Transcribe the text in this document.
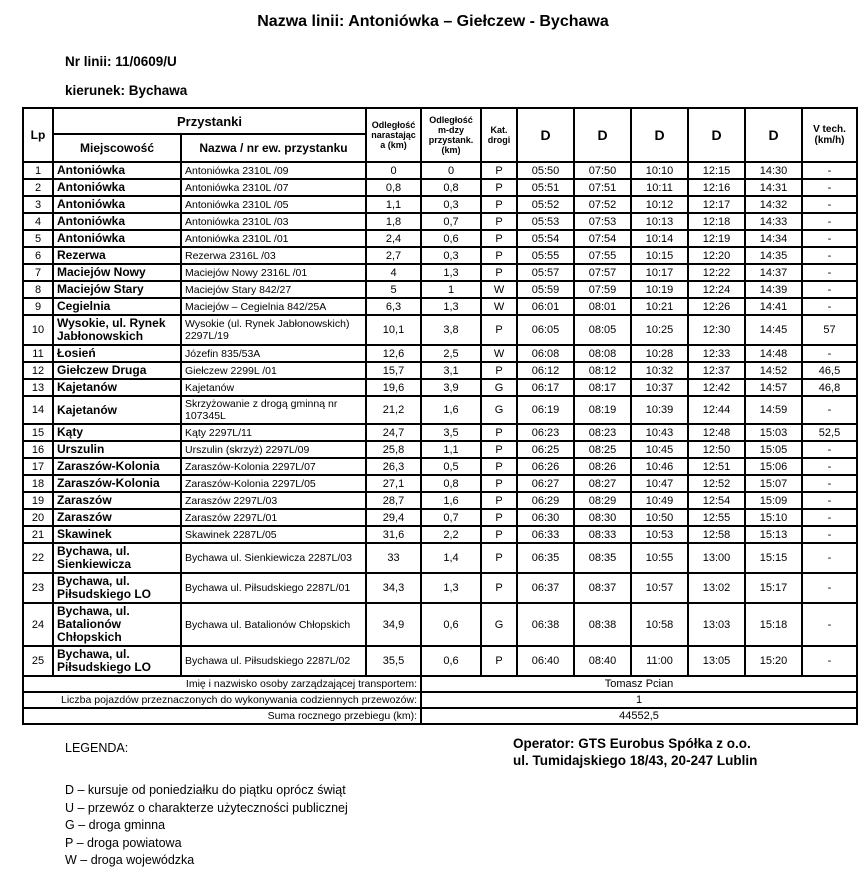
Nazwa linii: Antoniówka – Giełczew - Bychawa
Nr linii: 11/0609/U
kierunek: Bychawa
Lp	Przystanki		Odległość narastająca (km)	Odległość m-dzy przystank. (km)	Kat. drogi	D	D	D	D	D	V tech. (km/h)
	Miejscowość	Nazwa / nr ew. przystanku									
1	Antoniówka	Antoniówka 2310L /09	0	0	P	05:50	07:50	10:10	12:15	14:30	-
2	Antoniówka	Antoniówka 2310L /07	0,8	0,8	P	05:51	07:51	10:11	12:16	14:31	-
3	Antoniówka	Antoniówka 2310L /05	1,1	0,3	P	05:52	07:52	10:12	12:17	14:32	-
4	Antoniówka	Antoniówka 2310L /03	1,8	0,7	P	05:53	07:53	10:13	12:18	14:33	-
5	Antoniówka	Antoniówka 2310L /01	2,4	0,6	P	05:54	07:54	10:14	12:19	14:34	-
6	Rezerwa	Rezerwa 2316L /03	2,7	0,3	P	05:55	07:55	10:15	12:20	14:35	-
7	Maciejów Nowy	Maciejów Nowy 2316L /01	4	1,3	P	05:57	07:57	10:17	12:22	14:37	-
8	Maciejów Stary	Maciejów Stary 842/27	5	1	W	05:59	07:59	10:19	12:24	14:39	-
9	Cegielnia	Maciejów – Cegielnia 842/25A	6,3	1,3	W	06:01	08:01	10:21	12:26	14:41	-
10	Wysokie, ul. Rynek Jabłonowskich	Wysokie (ul. Rynek Jabłonowskich) 2297L/19	10,1	3,8	P	06:05	08:05	10:25	12:30	14:45	57
11	Łosień	Józefin 835/53A	12,6	2,5	W	06:08	08:08	10:28	12:33	14:48	-
12	Giełczew Druga	Giełczew 2299L /01	15,7	3,1	P	06:12	08:12	10:32	12:37	14:52	46,5
13	Kajetanów	Kajetanów	19,6	3,9	G	06:17	08:17	10:37	12:42	14:57	46,8
14	Kajetanów	Skrzyżowanie z drogą gminną nr 107345L	21,2	1,6	G	06:19	08:19	10:39	12:44	14:59	-
15	Kąty	Kąty 2297L/11	24,7	3,5	P	06:23	08:23	10:43	12:48	15:03	52,5
16	Urszulin	Urszulin (skrzyż) 2297L/09	25,8	1,1	P	06:25	08:25	10:45	12:50	15:05	-
17	Zaraszów-Kolonia	Zaraszów-Kolonia 2297L/07	26,3	0,5	P	06:26	08:26	10:46	12:51	15:06	-
18	Zaraszów-Kolonia	Zaraszów-Kolonia 2297L/05	27,1	0,8	P	06:27	08:27	10:47	12:52	15:07	-
19	Zaraszów	Zaraszów 2297L/03	28,7	1,6	P	06:29	08:29	10:49	12:54	15:09	-
20	Zaraszów	Zaraszów 2297L/01	29,4	0,7	P	06:30	08:30	10:50	12:55	15:10	-
21	Skawinek	Skawinek 2287L/05	31,6	2,2	P	06:33	08:33	10:53	12:58	15:13	-
22	Bychawa, ul. Sienkiewicza	Bychawa ul. Sienkiewicza 2287L/03	33	1,4	P	06:35	08:35	10:55	13:00	15:15	-
23	Bychawa, ul. Piłsudskiego LO	Bychawa ul. Piłsudskiego 2287L/01	34,3	1,3	P	06:37	08:37	10:57	13:02	15:17	-
24	Bychawa, ul. Batalionów Chłopskich	Bychawa ul. Batalionów Chłopskich	34,9	0,6	G	06:38	08:38	10:58	13:03	15:18	-
25	Bychawa, ul. Piłsudskiego LO	Bychawa ul. Piłsudskiego 2287L/02	35,5	0,6	P	06:40	08:40	11:00	13:05	15:20	-
Imię i nazwisko osoby zarządzającej transportem:				Tomasz Pcian							
Liczba pojazdów przeznaczonych do wykonywania codziennych przewozów:				1							
Suma rocznego przebiegu (km):				44552,5							
LEGENDA:	Operator: GTS Eurobus Spółka z o.o.
ul. Tumidajskiego 18/43, 20-247 Lublin
D – kursuje od poniedziałku do piątku oprócz świąt
U – przewóz o charakterze użyteczności publicznej
G – droga gminna
P – droga powiatowa
W – droga wojewódzka
